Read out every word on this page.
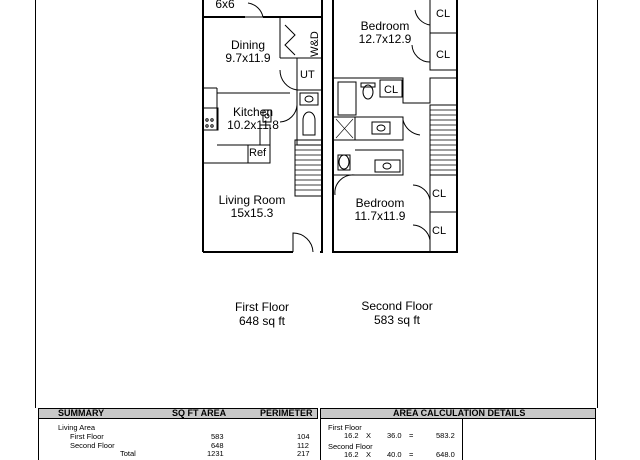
6x6
Dining
9.7x11.9
Kitchen
10.2x11.8
Living Room
15x15.3
Bedroom
12.7x12.9
Bedroom
11.7x11.9
W&D
UT
Ref
CL
CL
CL
CL
CL
First Floor
648 sq ft
Second Floor
583 sq ft
SUMMARY	SQ FT AREA	PERIMETER	AREA CALCULATION DETAILS
Living Area
First Floor	583	104
Second Floor	648	112
Total	1231	217
First Floor
16.2 X 36.0 =	583.2
Second Floor
16.2 X 40.0 =	648.0
